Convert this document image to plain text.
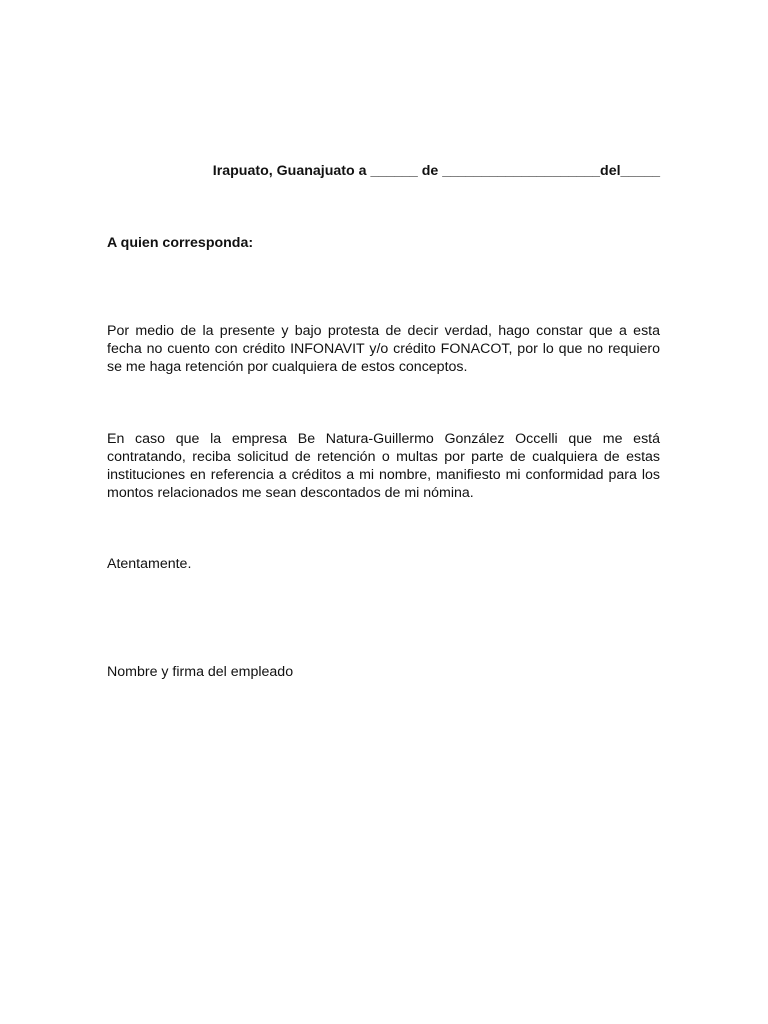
Irapuato, Guanajuato a ______ de ____________________del_____
A quien corresponda:
Por medio de la presente y bajo protesta de decir verdad, hago constar que a esta fecha no cuento con crédito INFONAVIT y/o crédito FONACOT, por lo que no requiero se me haga retención por cualquiera de estos conceptos.
En caso que la empresa Be Natura-Guillermo González Occelli que me está contratando, reciba solicitud de retención o multas por parte de cualquiera de estas instituciones en referencia a créditos a mi nombre, manifiesto mi conformidad para los montos relacionados me sean descontados de mi nómina.
Atentamente.
Nombre y firma del empleado
